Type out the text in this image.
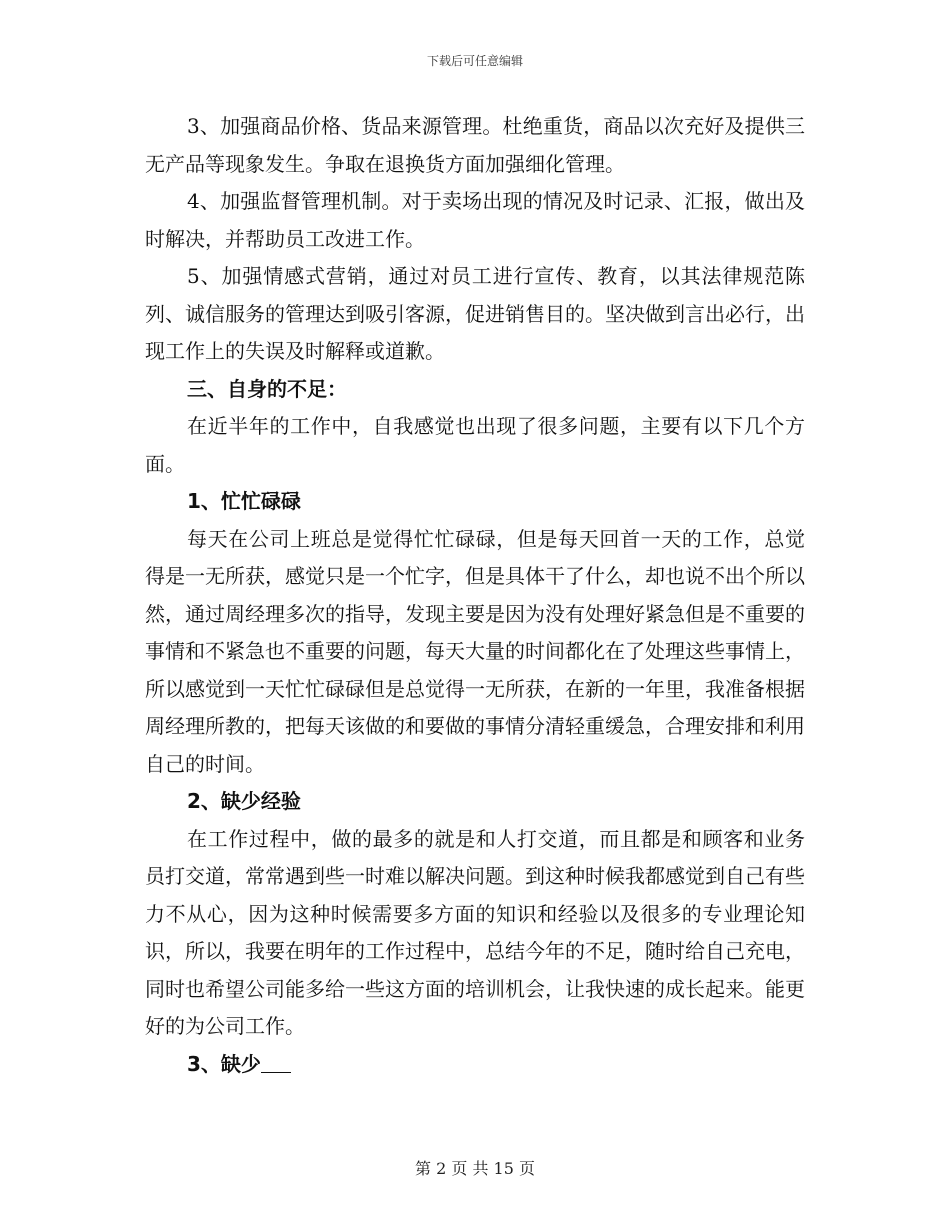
下载后可任意编辑

3、加强商品价格、货品来源管理。杜绝重货，商品以次充好及提供三无产品等现象发生。争取在退换货方面加强细化管理。

4、加强监督管理机制。对于卖场出现的情况及时记录、汇报，做出及时解决，并帮助员工改进工作。

5、加强情感式营销，通过对员工进行宣传、教育，以其法律规范陈列、诚信服务的管理达到吸引客源，促进销售目的。坚决做到言出必行，出现工作上的失误及时解释或道歉。

三、自身的不足：

在近半年的工作中，自我感觉也出现了很多问题，主要有以下几个方面。

1、忙忙碌碌

每天在公司上班总是觉得忙忙碌碌，但是每天回首一天的工作，总觉得是一无所获，感觉只是一个忙字，但是具体干了什么，却也说不出个所以然，通过周经理多次的指导，发现主要是因为没有处理好紧急但是不重要的事情和不紧急也不重要的问题，每天大量的时间都化在了处理这些事情上，所以感觉到一天忙忙碌碌但是总觉得一无所获，在新的一年里，我准备根据周经理所教的，把每天该做的和要做的事情分清轻重缓急，合理安排和利用自己的时间。

2、缺少经验

在工作过程中，做的最多的就是和人打交道，而且都是和顾客和业务员打交道，常常遇到些一时难以解决问题。到这种时候我都感觉到自己有些力不从心，因为这种时候需要多方面的知识和经验以及很多的专业理论知识，所以，我要在明年的工作过程中，总结今年的不足，随时给自己充电，同时也希望公司能多给一些这方面的培训机会，让我快速的成长起来。能更好的为公司工作。

3、缺少

第 2 页 共 15 页
